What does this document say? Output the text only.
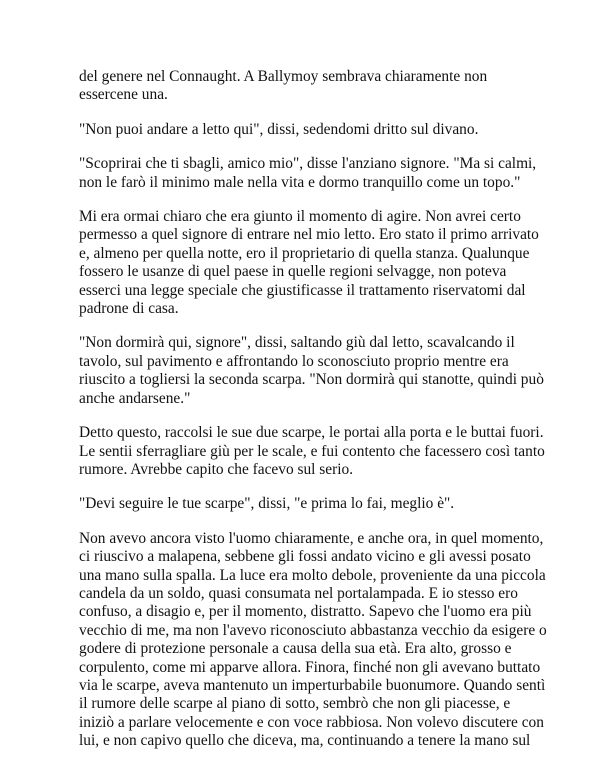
del genere nel Connaught. A Ballymoy sembrava chiaramente non essercene una.

"Non puoi andare a letto qui", dissi, sedendomi dritto sul divano.

"Scoprirai che ti sbagli, amico mio", disse l'anziano signore. "Ma si calmi, non le farò il minimo male nella vita e dormo tranquillo come un topo."

Mi era ormai chiaro che era giunto il momento di agire. Non avrei certo permesso a quel signore di entrare nel mio letto. Ero stato il primo arrivato e, almeno per quella notte, ero il proprietario di quella stanza. Qualunque fossero le usanze di quel paese in quelle regioni selvagge, non poteva esserci una legge speciale che giustificasse il trattamento riservatomi dal padrone di casa.

"Non dormirà qui, signore", dissi, saltando giù dal letto, scavalcando il tavolo, sul pavimento e affrontando lo sconosciuto proprio mentre era riuscito a togliersi la seconda scarpa. "Non dormirà qui stanotte, quindi può anche andarsene."

Detto questo, raccolsi le sue due scarpe, le portai alla porta e le buttai fuori. Le sentii sferragliare giù per le scale, e fui contento che facessero così tanto rumore. Avrebbe capito che facevo sul serio.

"Devi seguire le tue scarpe", dissi, "e prima lo fai, meglio è".

Non avevo ancora visto l'uomo chiaramente, e anche ora, in quel momento, ci riuscivo a malapena, sebbene gli fossi andato vicino e gli avessi posato una mano sulla spalla. La luce era molto debole, proveniente da una piccola candela da un soldo, quasi consumata nel portalampada. E io stesso ero confuso, a disagio e, per il momento, distratto. Sapevo che l'uomo era più vecchio di me, ma non l'avevo riconosciuto abbastanza vecchio da esigere o godere di protezione personale a causa della sua età. Era alto, grosso e corpulento, come mi apparve allora. Finora, finché non gli avevano buttato via le scarpe, aveva mantenuto un imperturbabile buonumore. Quando sentì il rumore delle scarpe al piano di sotto, sembrò che non gli piacesse, e iniziò a parlare velocemente e con voce rabbiosa. Non volevo discutere con lui, e non capivo quello che diceva, ma, continuando a tenere la mano sul
